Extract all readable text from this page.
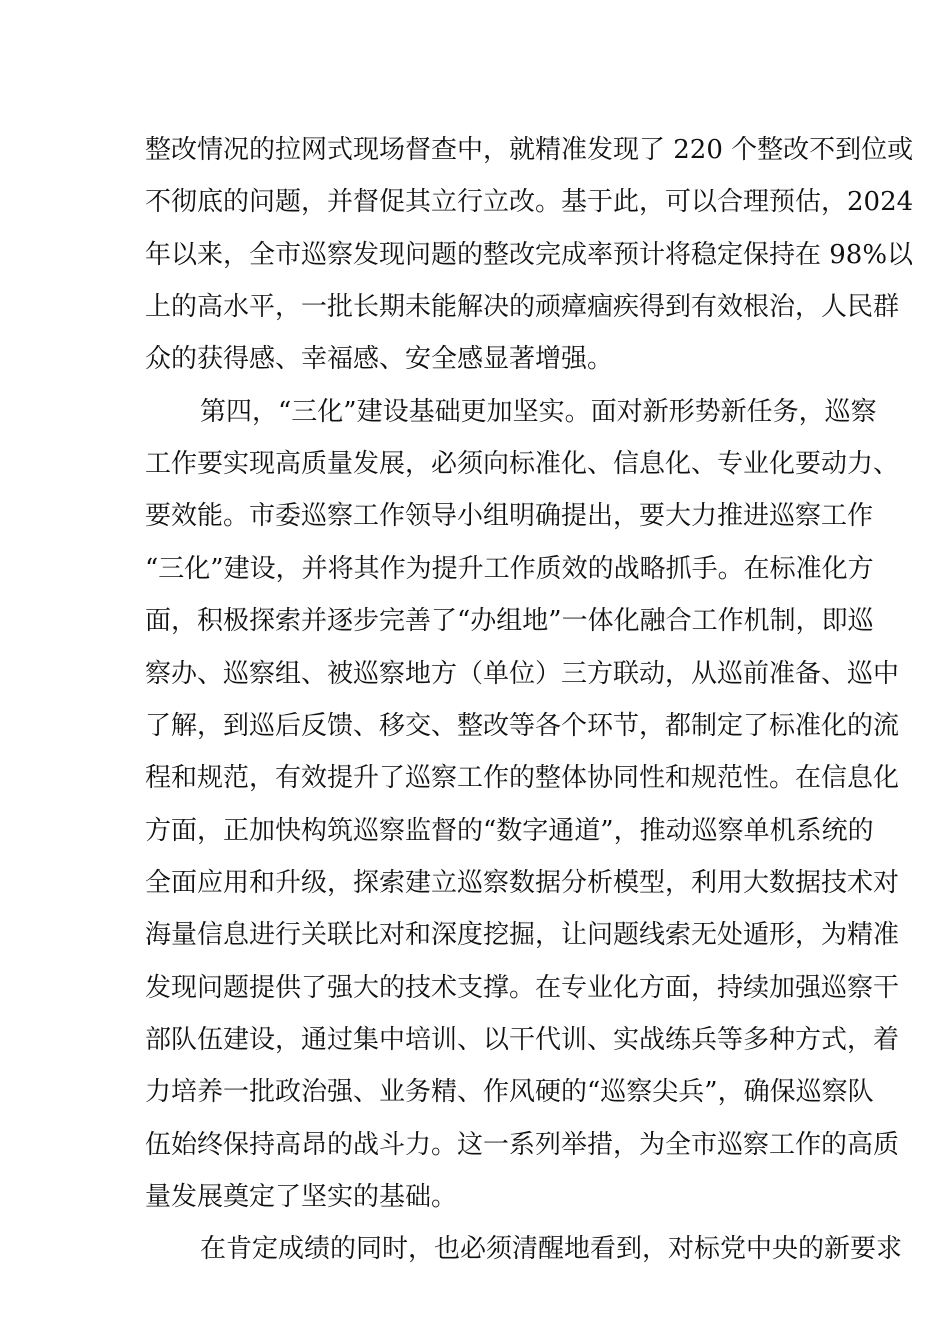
整改情况的拉网式现场督查中，就精准发现了 220 个整改不到位或
不彻底的问题，并督促其立行立改。基于此，可以合理预估，2024
年以来，全市巡察发现问题的整改完成率预计将稳定保持在 98%以
上的高水平，一批长期未能解决的顽瘴痼疾得到有效根治，人民群
众的获得感、幸福感、安全感显著增强。
第四，“三化”建设基础更加坚实。面对新形势新任务，巡察
工作要实现高质量发展，必须向标准化、信息化、专业化要动力、
要效能。市委巡察工作领导小组明确提出，要大力推进巡察工作
“三化”建设，并将其作为提升工作质效的战略抓手。在标准化方
面，积极探索并逐步完善了“办组地”一体化融合工作机制，即巡
察办、巡察组、被巡察地方（单位）三方联动，从巡前准备、巡中
了解，到巡后反馈、移交、整改等各个环节，都制定了标准化的流
程和规范，有效提升了巡察工作的整体协同性和规范性。在信息化
方面，正加快构筑巡察监督的“数字通道”，推动巡察单机系统的
全面应用和升级，探索建立巡察数据分析模型，利用大数据技术对
海量信息进行关联比对和深度挖掘，让问题线索无处遁形，为精准
发现问题提供了强大的技术支撑。在专业化方面，持续加强巡察干
部队伍建设，通过集中培训、以干代训、实战练兵等多种方式，着
力培养一批政治强、业务精、作风硬的“巡察尖兵”，确保巡察队
伍始终保持高昂的战斗力。这一系列举措，为全市巡察工作的高质
量发展奠定了坚实的基础。
在肯定成绩的同时，也必须清醒地看到，对标党中央的新要求
